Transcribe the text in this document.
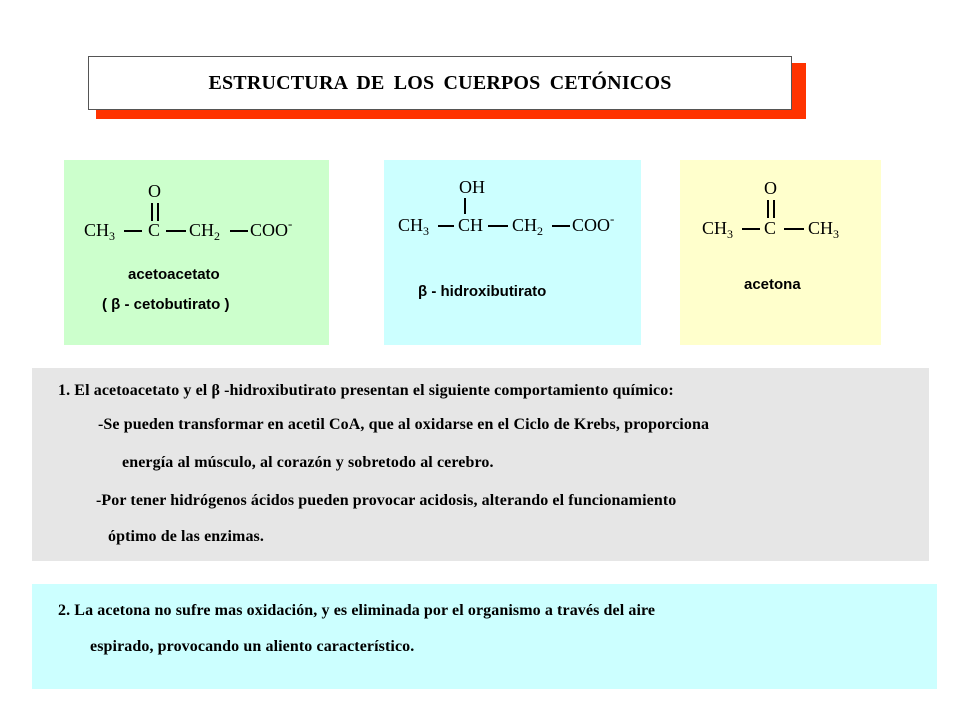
ESTRUCTURA DE LOS CUERPOS CETÓNICOS
O
$CH_3$ C $CH_2$ COO-
acetoacetato
( β - cetobutirato )
OH
$CH_3$ CH $CH_2$ COO-
β - hidroxibutirato
O
$CH_3$ C $CH_3$
acetona
1. El acetoacetato y el β -hidroxibutirato presentan el siguiente comportamiento químico:
-Se pueden transformar en acetil CoA, que al oxidarse en el Ciclo de Krebs, proporciona
energía al músculo, al corazón y sobretodo al cerebro.
-Por tener hidrógenos ácidos pueden provocar acidosis, alterando el funcionamiento
óptimo de las enzimas.
2. La acetona no sufre mas oxidación, y es eliminada por el organismo a través del aire
espirado, provocando un aliento característico.
